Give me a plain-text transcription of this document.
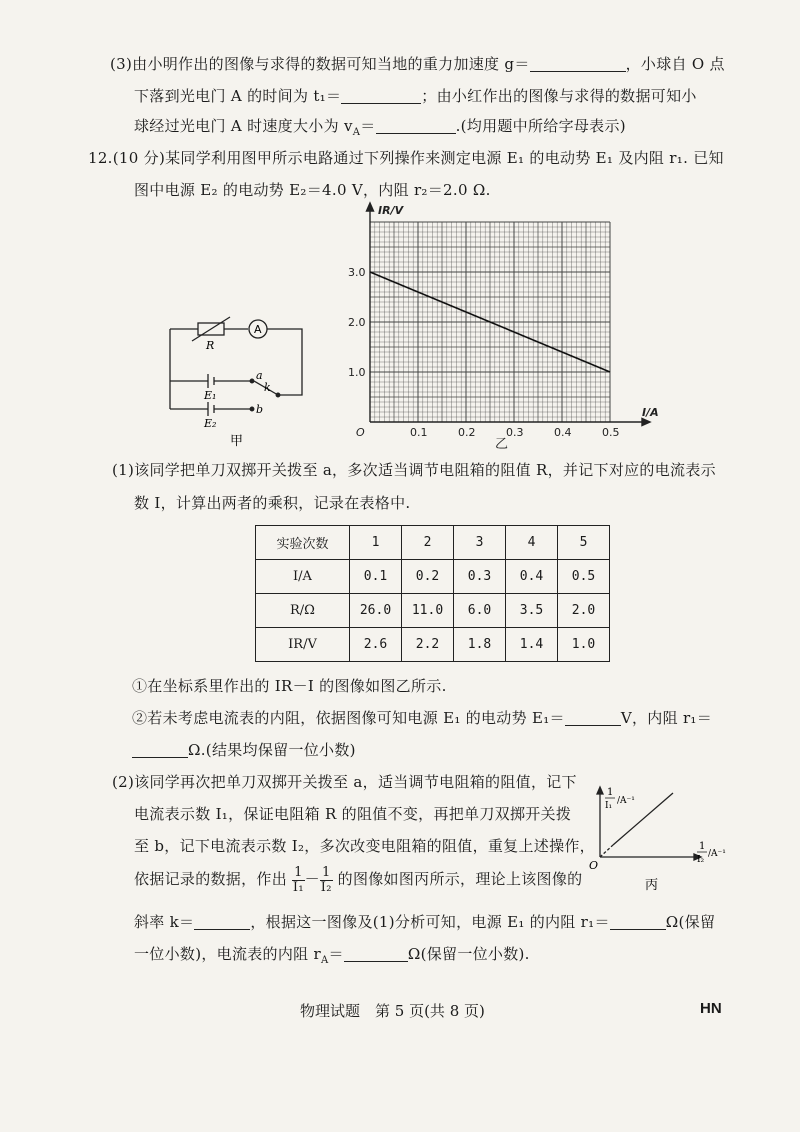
(3)由小明作出的图像与求得的数据可知当地的重力加速度 g＝	，小球自 O 点
下落到光电门 A 的时间为 t₁＝	；由小红作出的图像与求得的数据可知小
球经过光电门 A 时速度大小为 $v_A=$	.(均用题中所给字母表示)
12.(10 分)某同学利用图甲所示电路通过下列操作来测定电源 E₁ 的电动势 E₁ 及内阻 r₁. 已知
图中电源 E₂ 的电动势 E₂＝4.0 V，内阻 r₂＝2.0 Ω.
A
R
E₁
E₂
a
b
k
甲
0.1	0.2	0.3	0.4	0.5
1.0
2.0
3.0
O
IR/V
I/A
乙
(1)该同学把单刀双掷开关拨至 a，多次适当调节电阻箱的阻值 R，并记下对应的电流表示
数 I，计算出两者的乘积，记录在表格中.
实验次数	1	2	3	4	5
I/A	0.1	0.2	0.3	0.4	0.5
R/Ω	26.0	11.0	6.0	3.5	2.0
IR/V	2.6	2.2	1.8	1.4	1.0
①在坐标系里作出的 IR－I 的图像如图乙所示.
②若未考虑电流表的内阻，依据图像可知电源 E₁ 的电动势 E₁＝	V，内阻 r₁＝
Ω.(结果均保留一位小数)
(2)该同学再次把单刀双掷开关拨至 a，适当调节电阻箱的阻值，记下
电流表示数 I₁，保证电阻箱 R 的阻值不变，再把单刀双掷开关拨
至 b，记下电流表示数 I₂，多次改变电阻箱的阻值，重复上述操作，
依据记录的数据，作出 $\frac{1}{\text{I₁}} - \frac{1}{\text{I₂}}$ 的图像如图丙所示，理论上该图像的
斜率 k＝	，根据这一图像及(1)分析可知，电源 E₁ 的内阻 r₁＝	Ω(保留
一位小数)，电流表的内阻 $r_A=$	Ω(保留一位小数).
1
I₁ /A⁻¹
O
1
I₂
/A⁻¹
丙
物理试题　第 5 页(共 8 页)	HN
